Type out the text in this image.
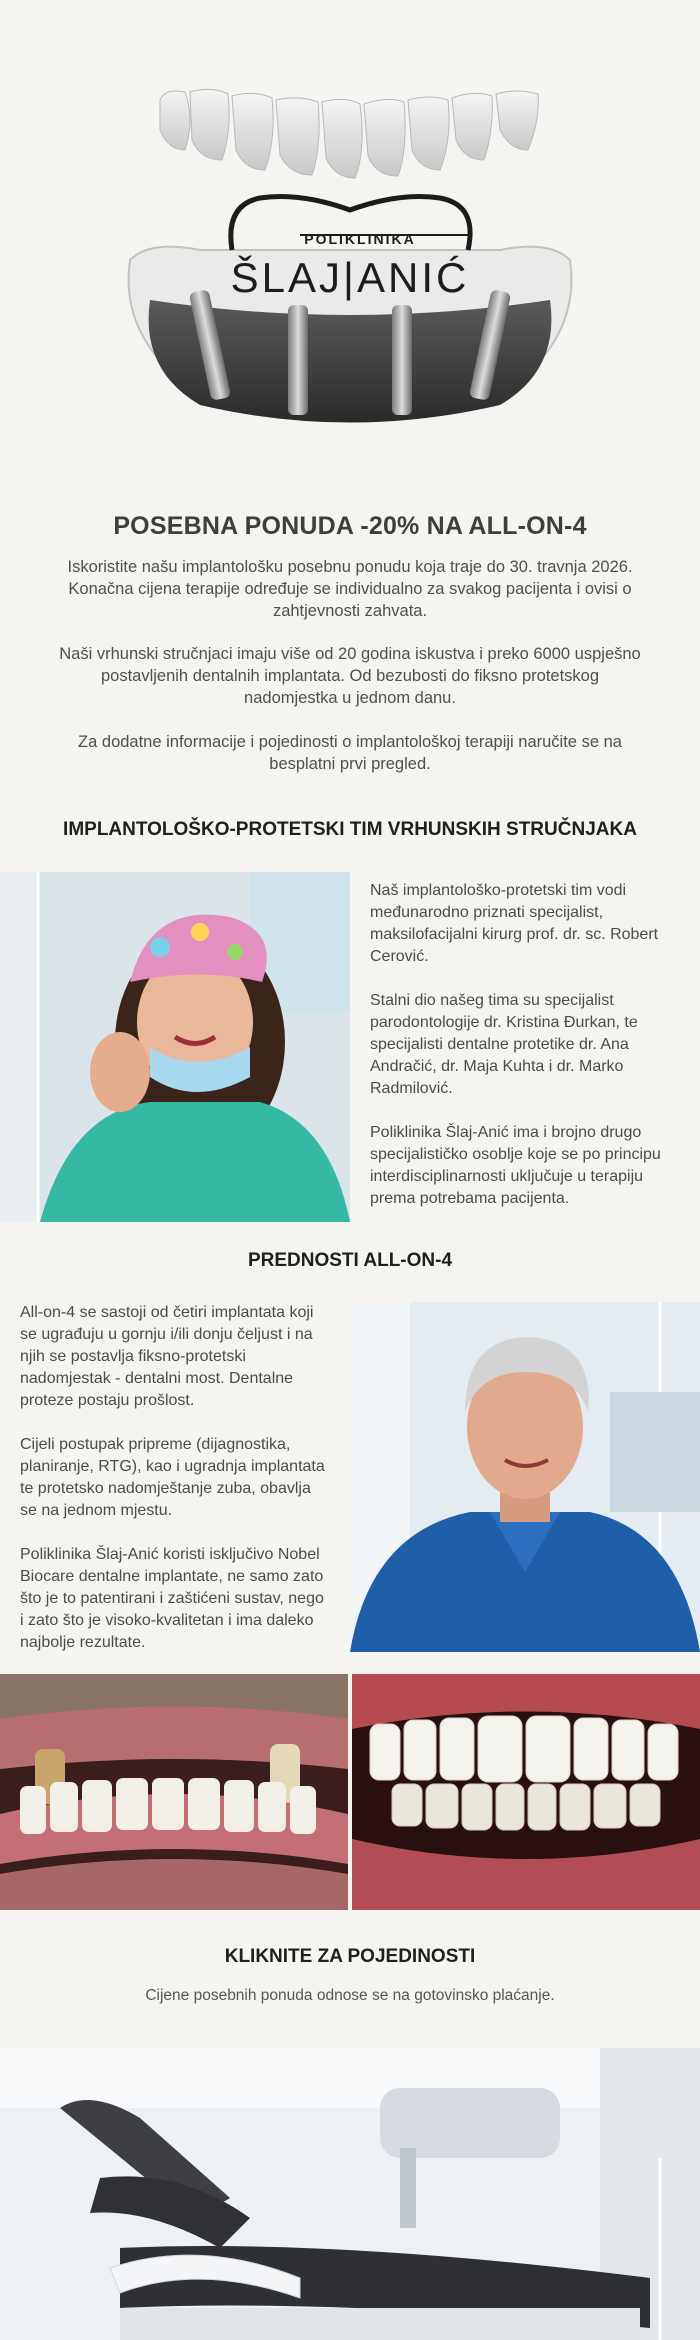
POLIKLINIKA
ŠLAJ|ANIĆ
POSEBNA PONUDA -20% NA ALL-ON-4
Iskoristite našu implantološku posebnu ponudu koja traje do 30. travnja 2026. Konačna cijena terapije određuje se individualno za svakog pacijenta i ovisi o zahtjevnosti zahvata.
Naši vrhunski stručnjaci imaju više od 20 godina iskustva i preko 6000 uspješno postavljenih dentalnih implantata. Od bezubosti do fiksno protetskog nadomjestka u jednom danu.
Za dodatne informacije i pojedinosti o implantološkoj terapiji naručite se na besplatni prvi pregled.
IMPLANTOLOŠKO-PROTETSKI TIM VRHUNSKIH STRUČNJAKA

Naš implantološko-protetski tim vodi međunarodno priznati specijalist, maksilofacijalni kirurg prof. dr. sc. Robert Cerović.

Stalni dio našeg tima su specijalist parodontologije dr. Kristina Đurkan, te specijalisti dentalne protetike dr. Ana Andračić, dr. Maja Kuhta i dr. Marko Radmilović.

Poliklinika Šlaj-Anić ima i brojno drugo specijalističko osoblje koje se po principu interdisciplinarnosti uključuje u terapiju prema potrebama pacijenta.

PREDNOSTI ALL-ON-4

All-on-4 se sastoji od četiri implantata koji se ugrađuju u gornju i/ili donju čeljust i na njih se postavlja fiksno-protetski nadomjestak - dentalni most. Dentalne proteze postaju prošlost.

Cijeli postupak pripreme (dijagnostika, planiranje, RTG), kao i ugradnja implantata te protetsko nadomještanje zuba, obavlja se na jednom mjestu.

Poliklinika Šlaj-Anić koristi isključivo Nobel Biocare dentalne implantate, ne samo zato što je to patentirani i zaštićeni sustav, nego i zato što je visoko-kvalitetan i ima daleko najbolje rezultate.

KLIKNITE ZA POJEDINOSTI
Cijene posebnih ponuda odnose se na gotovinsko plaćanje.
